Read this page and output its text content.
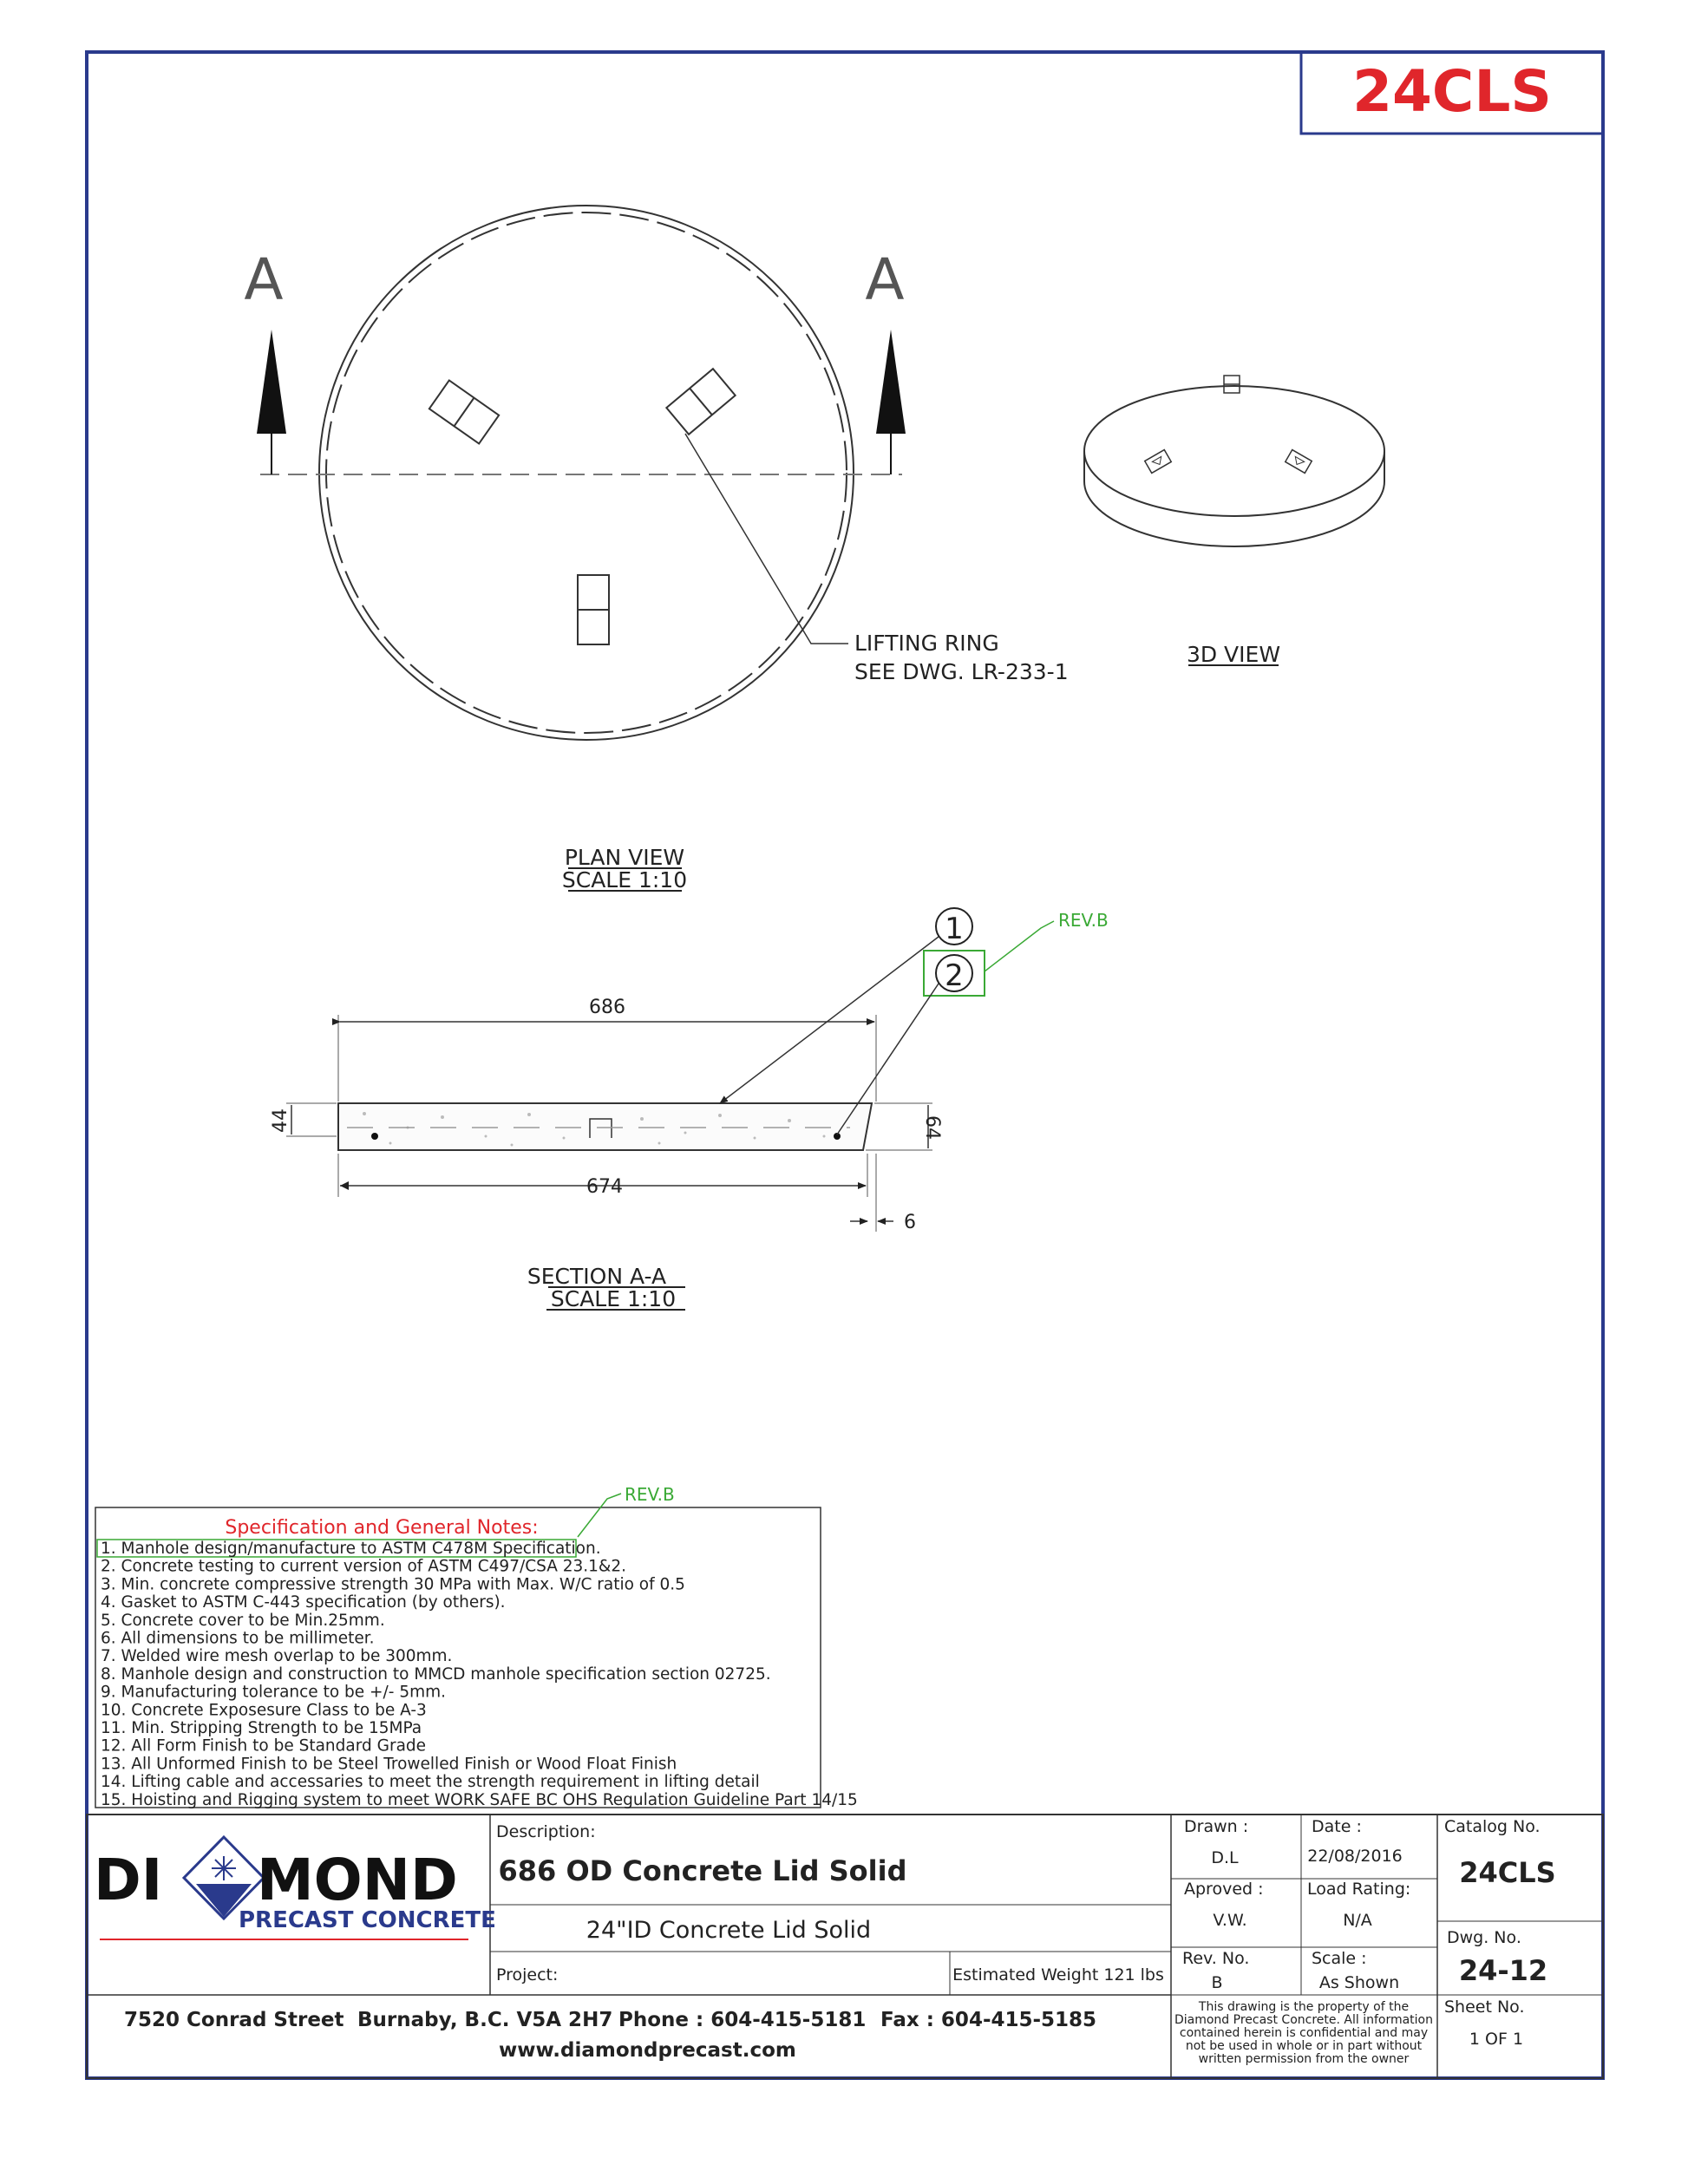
24CLS
A	A
LIFTING RING
SEE DWG. LR-233-1
PLAN VIEW
SCALE 1:10
3D VIEW
686
674
6
44	64
1
2
REV.B
SECTION A-A
SCALE 1:10
REV.B
Specification and General Notes:
1. Manhole design/manufacture to ASTM C478M Specification.
2. Concrete testing to current version of ASTM C497/CSA 23.1&2.
3. Min. concrete compressive strength 30 MPa with Max. W/C ratio of 0.5
4. Gasket to ASTM C-443 specification (by others).
5. Concrete cover to be Min.25mm.
6. All dimensions to be millimeter.
7. Welded wire mesh overlap to be 300mm.
8. Manhole design and construction to MMCD manhole specification section 02725.
9. Manufacturing tolerance to be +/- 5mm.
10. Concrete Exposesure Class to be A-3
11. Min. Stripping Strength to be 15MPa
12. All Form Finish to be Standard Grade
13. All Unformed Finish to be Steel Trowelled Finish or Wood Float Finish
14. Lifting cable and accessaries to meet the strength requirement in lifting detail
15. Hoisting and Rigging system to meet WORK SAFE BC OHS Regulation Guideline Part 14/15
DI MOND
PRECAST CONCRETE
Description:
686 OD Concrete Lid Solid
24"ID Concrete Lid Solid
Project:	Estimated Weight 121 lbs
Drawn :
D.L
Date :
22/08/2016
Aproved :
V.W.
Load Rating:
N/A
Rev. No.
B
Scale :
As Shown
Catalog No.
24CLS
Dwg. No.
24-12
Sheet No.
1 OF 1
This drawing is the property of the
Diamond Precast Concrete. All information
contained herein is confidential and may
not be used in whole or in part without
written permission from the owner
7520 Conrad Street Burnaby, B.C. V5A 2H7 Phone : 604-415-5181 Fax : 604-415-5185
www.diamondprecast.com
